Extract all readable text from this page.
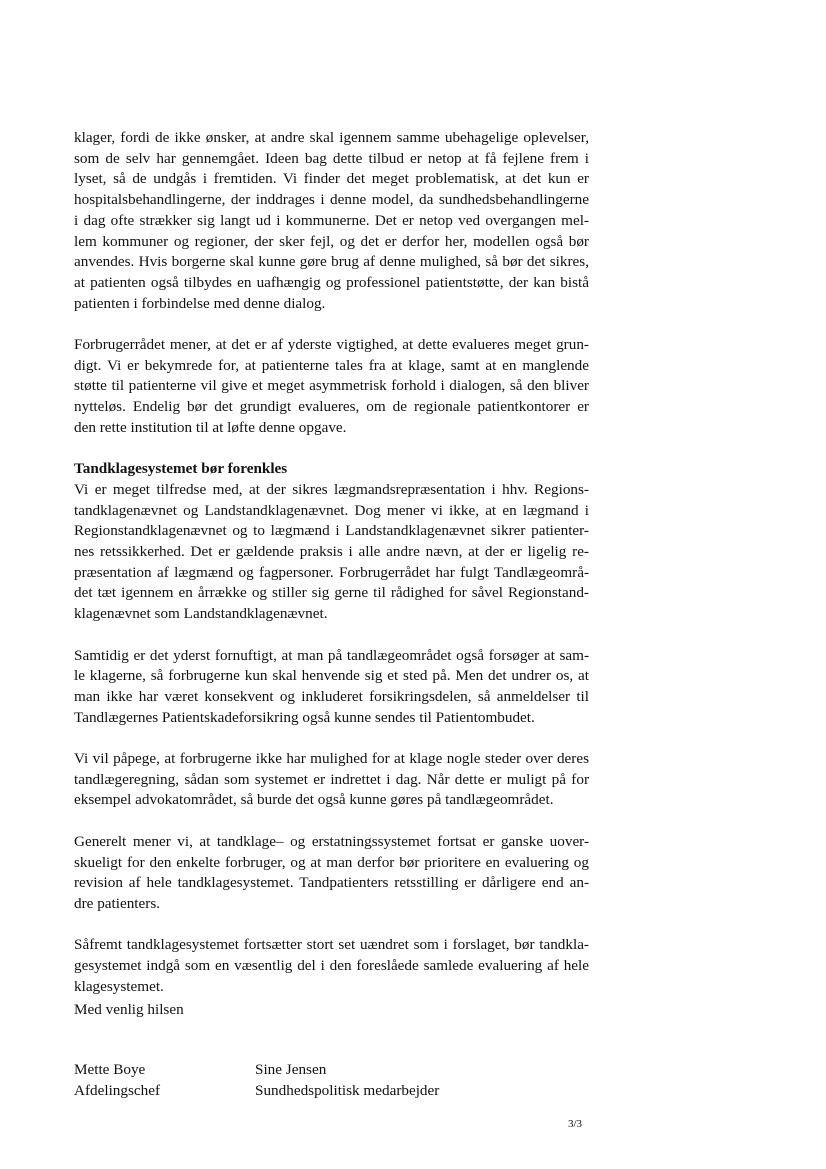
klager, fordi de ikke ønsker, at andre skal igennem samme ubehagelige oplevelser,
som de selv har gennemgået. Ideen bag dette tilbud er netop at få fejlene frem i
lyset, så de undgås i fremtiden. Vi finder det meget problematisk, at det kun er
hospitalsbehandlingerne, der inddrages i denne model, da sundhedsbehandlingerne
i dag ofte strækker sig langt ud i kommunerne. Det er netop ved overgangen mel-
lem kommuner og regioner, der sker fejl, og det er derfor her, modellen også bør
anvendes. Hvis borgerne skal kunne gøre brug af denne mulighed, så bør det sikres,
at patienten også tilbydes en uafhængig og professionel patientstøtte, der kan bistå
patienten i forbindelse med denne dialog.
Forbrugerrådet mener, at det er af yderste vigtighed, at dette evalueres meget grun-
digt. Vi er bekymrede for, at patienterne tales fra at klage, samt at en manglende
støtte til patienterne vil give et meget asymmetrisk forhold i dialogen, så den bliver
nytteløs. Endelig bør det grundigt evalueres, om de regionale patientkontorer er
den rette institution til at løfte denne opgave.
Tandklagesystemet bør forenkles
Vi er meget tilfredse med, at der sikres lægmandsrepræsentation i hhv. Regions-
tandklagenævnet og Landstandklagenævnet. Dog mener vi ikke, at en lægmand i
Regionstandklagenævnet og to lægmænd i Landstandklagenævnet sikrer patienter-
nes retssikkerhed. Det er gældende praksis i alle andre nævn, at der er ligelig re-
præsentation af lægmænd og fagpersoner. Forbrugerrådet har fulgt Tandlægeområ-
det tæt igennem en årrække og stiller sig gerne til rådighed for såvel Regionstand-
klagenævnet som Landstandklagenævnet.
Samtidig er det yderst fornuftigt, at man på tandlægeområdet også forsøger at sam-
le klagerne, så forbrugerne kun skal henvende sig et sted på. Men det undrer os, at
man ikke har været konsekvent og inkluderet forsikringsdelen, så anmeldelser til
Tandlægernes Patientskadeforsikring også kunne sendes til Patientombudet.
Vi vil påpege, at forbrugerne ikke har mulighed for at klage nogle steder over deres
tandlægeregning, sådan som systemet er indrettet i dag. Når dette er muligt på for
eksempel advokatområdet, så burde det også kunne gøres på tandlægeområdet.
Generelt mener vi, at tandklage– og erstatningssystemet fortsat er ganske uover-
skueligt for den enkelte forbruger, og at man derfor bør prioritere en evaluering og
revision af hele tandklagesystemet. Tandpatienters retsstilling er dårligere end an-
dre patienters.
Såfremt tandklagesystemet fortsætter stort set uændret som i forslaget, bør tandkla-
gesystemet indgå som en væsentlig del i den foreslåede samlede evaluering af hele
klagesystemet.
Med venlig hilsen
Mette Boye
Afdelingschef
Sine Jensen
Sundhedspolitisk medarbejder
3/3
